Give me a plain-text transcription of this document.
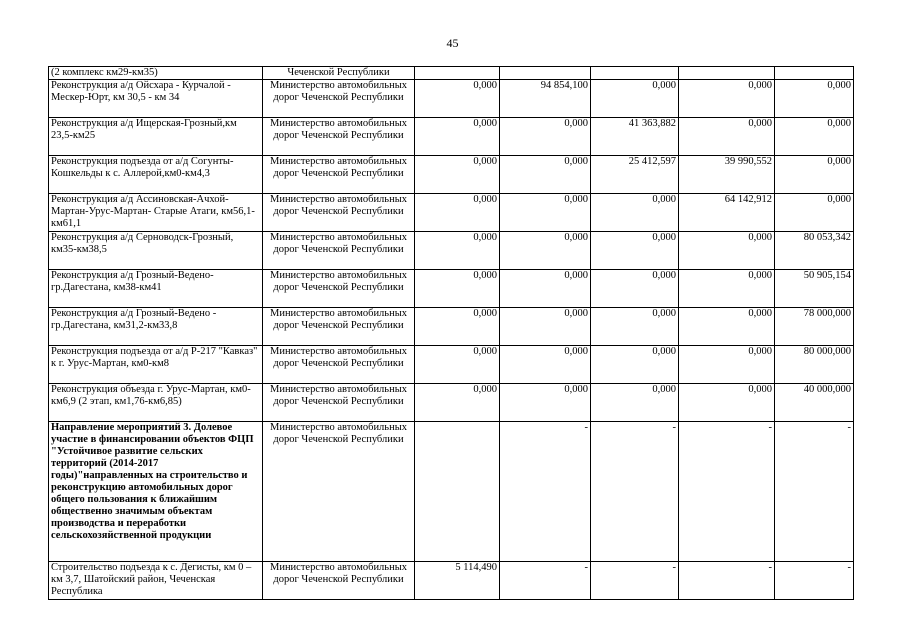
45
(2 комплекс км29-км35)	Чеченской Республики					
Реконструкция а/д Ойсхара - Курчалой - Мескер-Юрт, км 30,5 - км 34	Министерство автомобильных дорог Чеченской Республики	0,000	94 854,100	0,000	0,000	0,000
Реконструкция а/д Ищерская-Грозный,км 23,5-км25	Министерство автомобильных дорог Чеченской Республики	0,000	0,000	41 363,882	0,000	0,000
Реконструкция подъезда от а/д Согунты-Кошкельды к с. Аллерой,км0-км4,3	Министерство автомобильных дорог Чеченской Республики	0,000	0,000	25 412,597	39 990,552	0,000
Реконструкция а/д Ассиновская-Ачхой-Мартан-Урус-Мартан- Старые Атаги, км56,1-км61,1	Министерство автомобильных дорог Чеченской Республики	0,000	0,000	0,000	64 142,912	0,000
Реконструкция а/д Серноводск-Грозный, км35-км38,5	Министерство автомобильных дорог Чеченской Республики	0,000	0,000	0,000	0,000	80 053,342
Реконструкция а/д Грозный-Ведено-гр.Дагестана, км38-км41	Министерство автомобильных дорог Чеченской Республики	0,000	0,000	0,000	0,000	50 905,154
Реконструкция а/д Грозный-Ведено - гр.Дагестана, км31,2-км33,8	Министерство автомобильных дорог Чеченской Республики	0,000	0,000	0,000	0,000	78 000,000
Реконструкция подъезда от а/д Р-217 "Кавказ" к г. Урус-Мартан, км0-км8	Министерство автомобильных дорог Чеченской Республики	0,000	0,000	0,000	0,000	80 000,000
Реконструкция объезда г. Урус-Мартан, км0-км6,9 (2 этап, км1,76-км6,85)	Министерство автомобильных дорог Чеченской Республики	0,000	0,000	0,000	0,000	40 000,000
Направление мероприятий 3. Долевое участие в финансировании объектов ФЦП "Устойчивое развитие сельских территорий (2014-2017 годы)"направленных на строительство и реконструкцию автомобильных дорог общего пользования к ближайшим общественно значимым объектам производства и переработки сельскохозяйственной продукции	Министерство автомобильных дорог Чеченской Республики		-	-	-	-
Строительство подъезда к с. Дегисты, км 0 – км 3,7, Шатойский район, Чеченская Республика	Министерство автомобильных дорог Чеченской Республики	5 114,490	-	-	-	-
